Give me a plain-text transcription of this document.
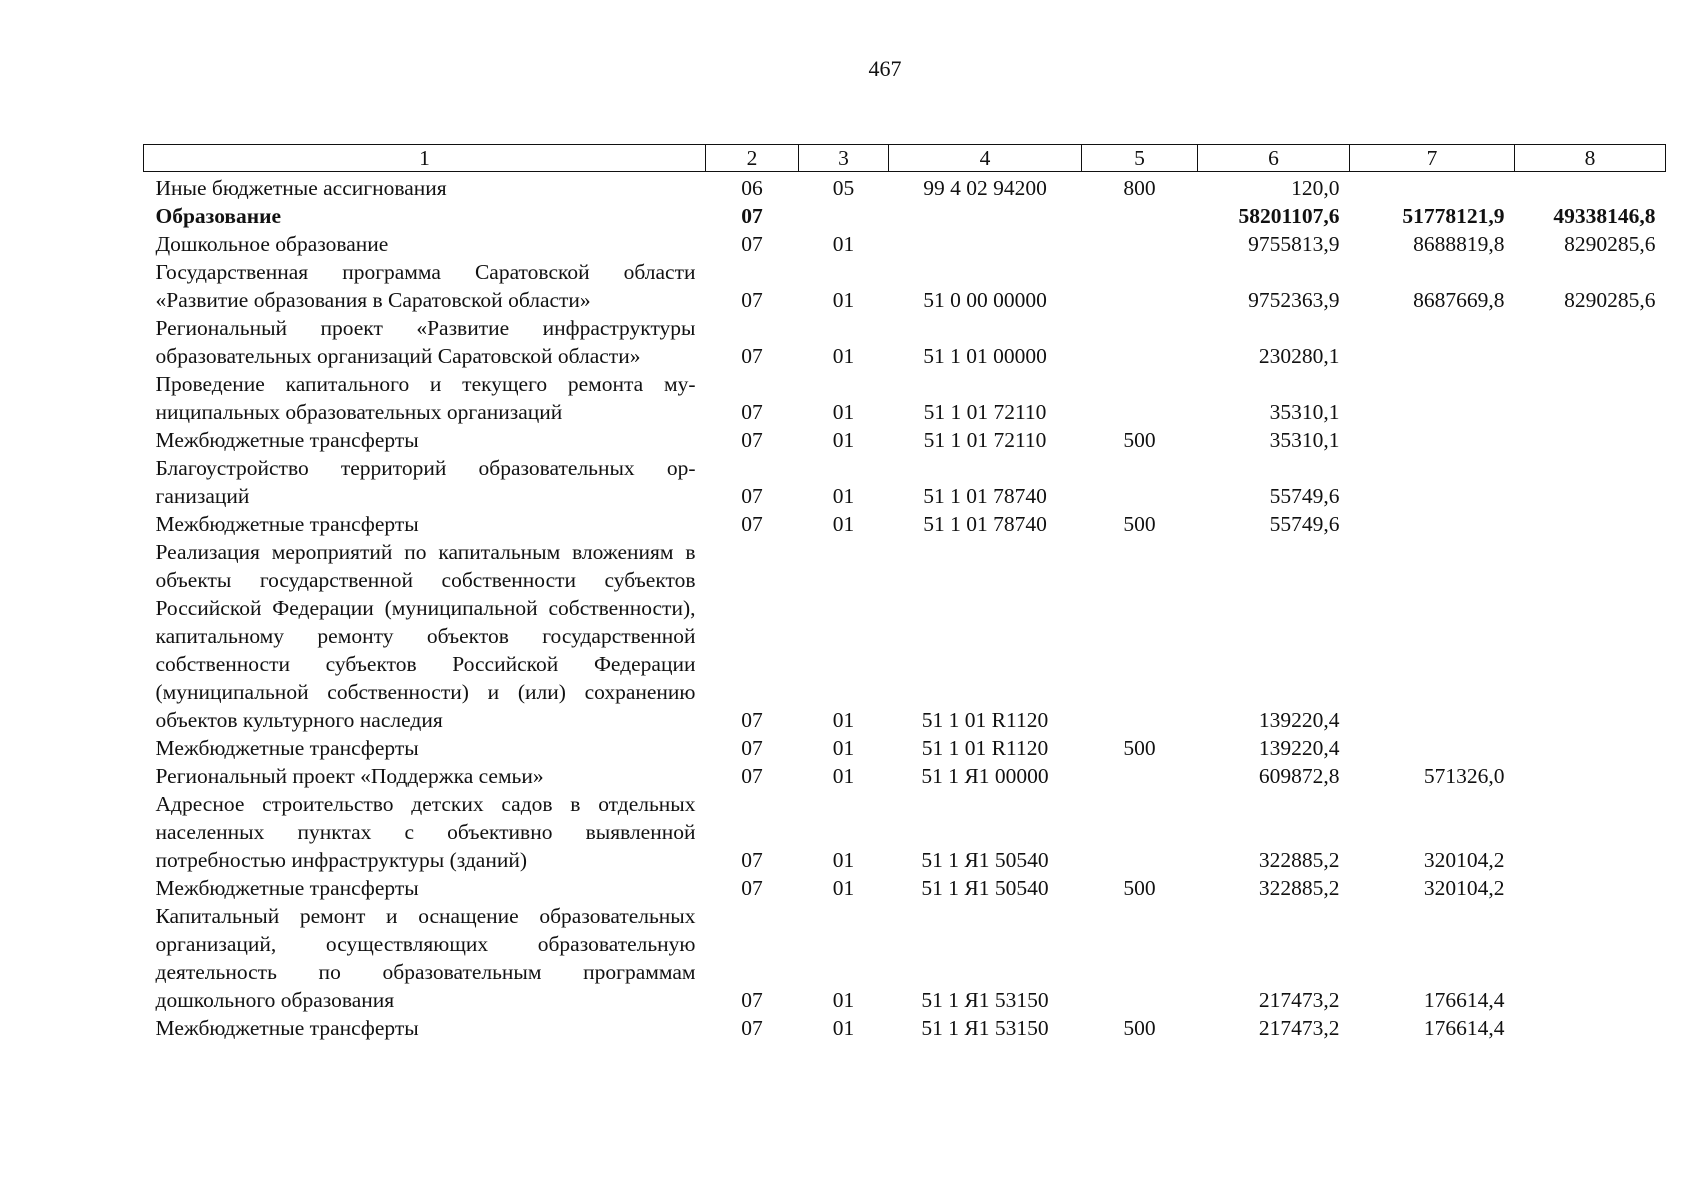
467
1	2	3	4	5	6	7	8
Иные бюджетные ассигнования	06	05	99 4 02 94200	800	120,0		
Образование	07				58201107,6	51778121,9	49338146,8
Дошкольное образование	07	01			9755813,9	8688819,8	8290285,6
Государственная программа Саратовской области «Развитие образования в Саратовской области»	07	01	51 0 00 00000		9752363,9	8687669,8	8290285,6
Региональный проект «Развитие инфраструктуры образовательных организаций Саратовской области»	07	01	51 1 01 00000		230280,1		
Проведение капитального и текущего ремонта муниципальных образовательных организаций	07	01	51 1 01 72110		35310,1		
Межбюджетные трансферты	07	01	51 1 01 72110	500	35310,1		
Благоустройство территорий образовательных организаций	07	01	51 1 01 78740		55749,6		
Межбюджетные трансферты	07	01	51 1 01 78740	500	55749,6		
Реализация мероприятий по капитальным вложениям в объекты государственной собственности субъектов Российской Федерации (муниципальной собственности), капитальному ремонту объектов государственной собственности субъектов Российской Федерации (муниципальной собственности) и (или) сохранению объектов культурного наследия	07	01	51 1 01 R1120		139220,4		
Межбюджетные трансферты	07	01	51 1 01 R1120	500	139220,4		
Региональный проект «Поддержка семьи»	07	01	51 1 Я1 00000		609872,8	571326,0	
Адресное строительство детских садов в отдельных населенных пунктах с объективно выявленной потребностью инфраструктуры (зданий)	07	01	51 1 Я1 50540		322885,2	320104,2	
Межбюджетные трансферты	07	01	51 1 Я1 50540	500	322885,2	320104,2	
Капитальный ремонт и оснащение образовательных организаций, осуществляющих образовательную деятельность по образовательным программам дошкольного образования	07	01	51 1 Я1 53150		217473,2	176614,4	
Межбюджетные трансферты	07	01	51 1 Я1 53150	500	217473,2	176614,4	
